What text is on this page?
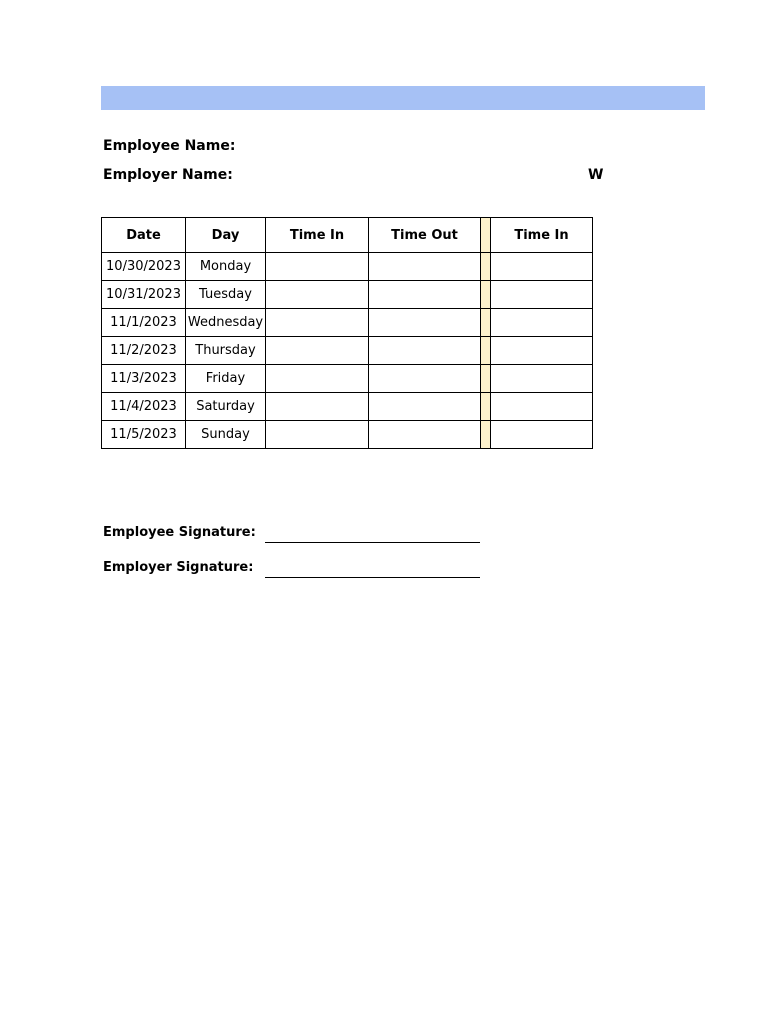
Employee Name:
Employer Name:	W
Date	Day	Time In	Time Out		Time In
10/30/2023	Monday				
10/31/2023	Tuesday				
11/1/2023	Wednesday				
11/2/2023	Thursday				
11/3/2023	Friday				
11/4/2023	Saturday				
11/5/2023	Sunday				
Employee Signature:
Employer Signature:
